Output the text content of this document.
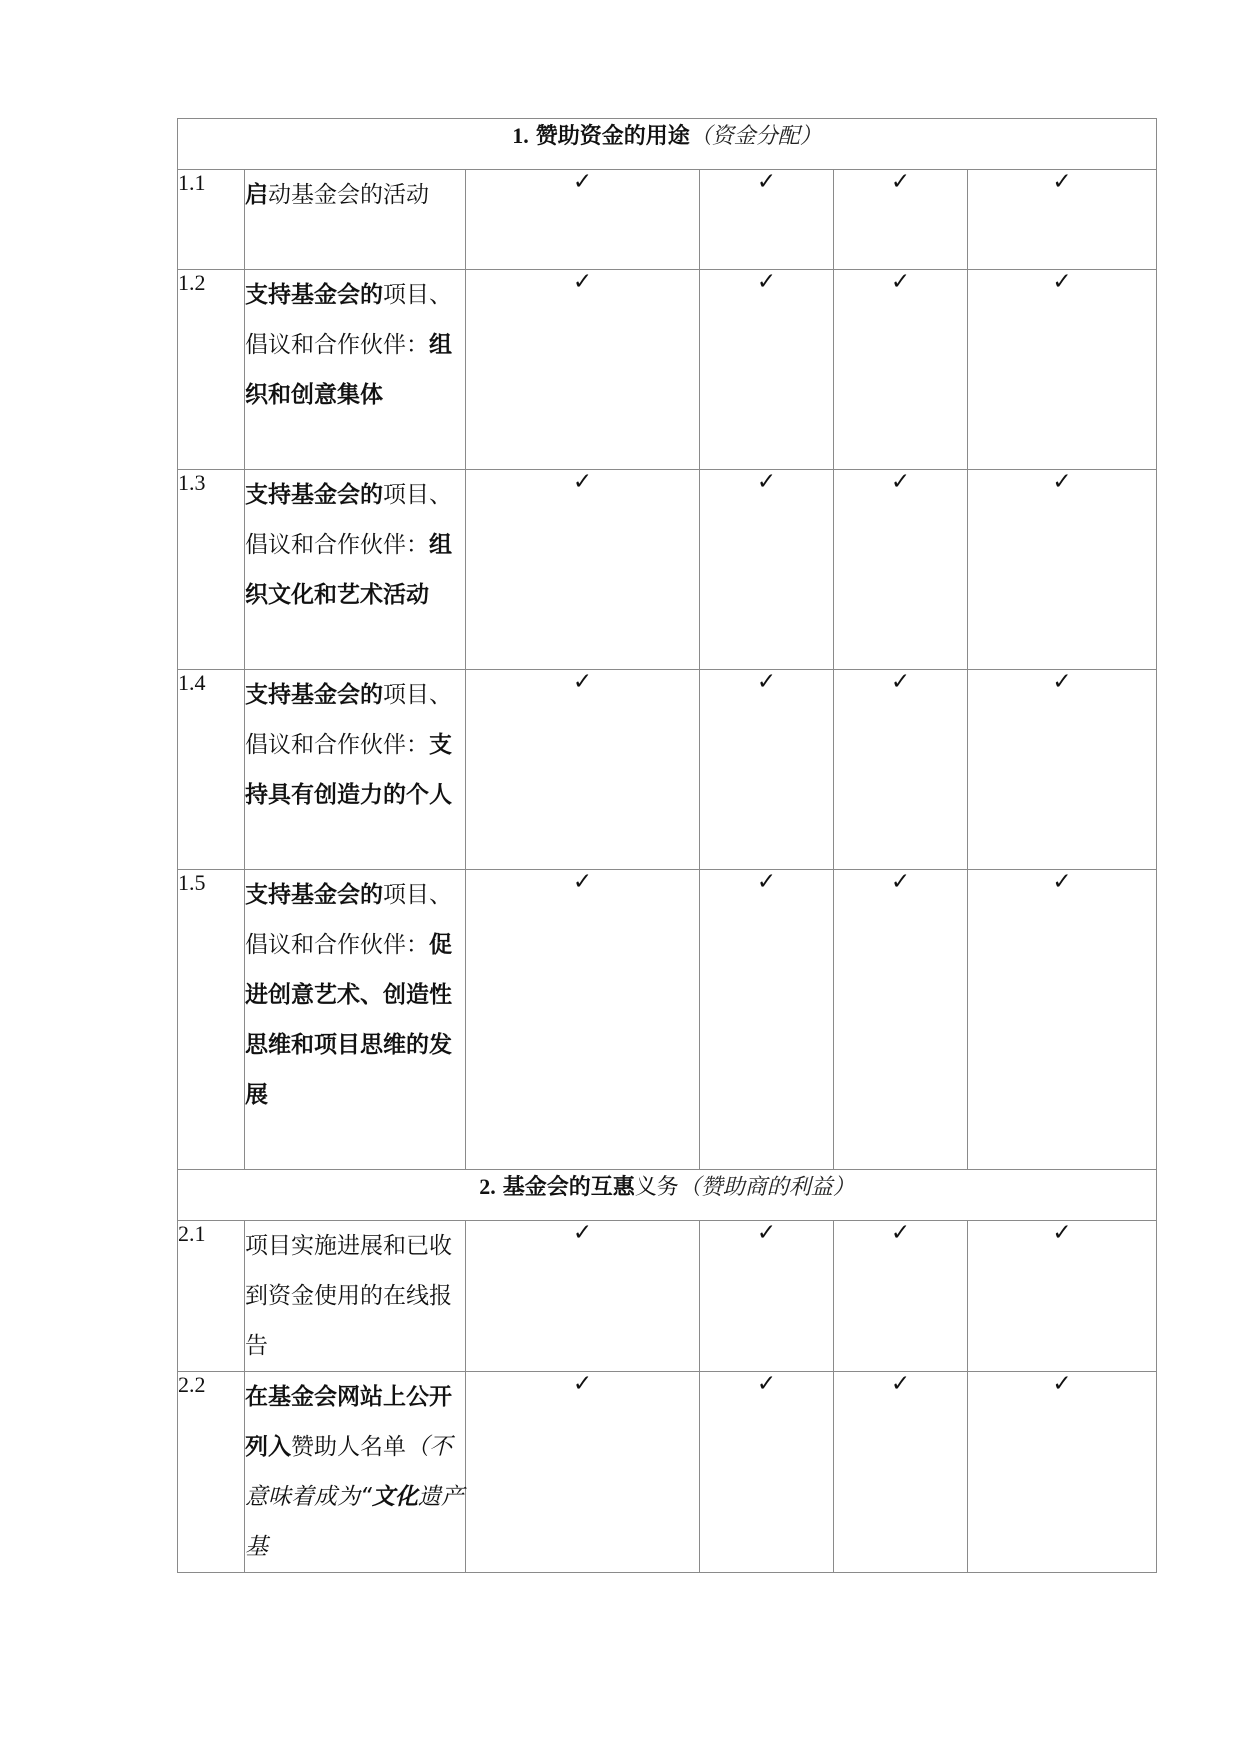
1. 赞助资金的用途（资金分配）					
1.1	启动基金会的活动	✓	✓	✓	✓
1.2	支持基金会的项目、倡议和合作伙伴：组织和创意集体	✓	✓	✓	✓
1.3	支持基金会的项目、倡议和合作伙伴：组织文化和艺术活动	✓	✓	✓	✓
1.4	支持基金会的项目、倡议和合作伙伴：支持具有创造力的个人	✓	✓	✓	✓
1.5	支持基金会的项目、倡议和合作伙伴：促进创意艺术、创造性思维和项目思维的发展	✓	✓	✓	✓
2. 基金会的互惠义务（赞助商的利益）					
2.1	项目实施进展和已收到资金使用的在线报告	✓	✓	✓	✓
2.2	在基金会网站上公开列入赞助人名单（不意味着成为“文化遗产基	✓	✓	✓	✓
